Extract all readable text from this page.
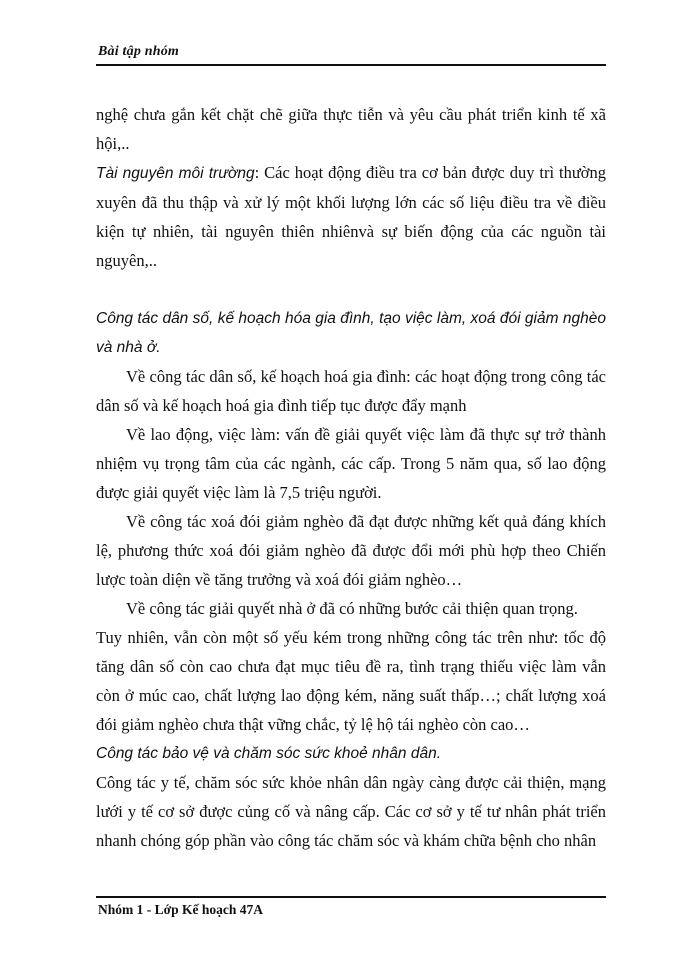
Bài tập nhóm

nghệ chưa gắn kết chặt chẽ giữa thực tiễn và yêu cầu phát triển kinh tế xã hội,..

Tài nguyên môi trường: Các hoạt động điều tra cơ bản được duy trì thường xuyên đã thu thập và xử lý một khối lượng lớn các số liệu điều tra về điều kiện tự nhiên, tài nguyên thiên nhiênvà sự biến động của các nguồn tài nguyên,..

Công tác dân số, kế hoạch hóa gia đình, tạo việc làm, xoá đói giảm nghèo và nhà ở.

Về công tác dân số, kế hoạch hoá gia đình: các hoạt động trong công tác dân số và kế hoạch hoá gia đình tiếp tục được đẩy mạnh

Về lao động, việc làm: vấn đề giải quyết việc làm đã thực sự trở thành nhiệm vụ trọng tâm của các ngành, các cấp. Trong 5 năm qua, số lao động được giải quyết việc làm là 7,5 triệu người.

Về công tác xoá đói giảm nghèo đã đạt được những kết quả đáng khích lệ, phương thức xoá đói giảm nghèo đã được đổi mới phù hợp theo Chiến lược toàn diện về tăng trưởng và xoá đói giảm nghèo…

Về công tác giải quyết nhà ở đã có những bước cải thiện quan trọng.

Tuy nhiên, vẫn còn một số yếu kém trong những công tác trên như: tốc độ tăng dân số còn cao chưa đạt mục tiêu đề ra, tình trạng thiếu việc làm vẫn còn ở múc cao, chất lượng lao động kém, năng suất thấp…; chất lượng xoá đói giảm nghèo chưa thật vững chắc, tỷ lệ hộ tái nghèo còn cao…

Công tác bảo vệ và chăm sóc sức khoẻ nhân dân.

Công tác y tế, chăm sóc sức khỏe nhân dân ngày càng được cải thiện, mạng lưới y tế cơ sở được củng cố và nâng cấp. Các cơ sở y tế tư nhân phát triển nhanh chóng góp phần vào công tác chăm sóc và khám chữa bệnh cho nhân

Nhóm 1 - Lớp Kế hoạch 47A
